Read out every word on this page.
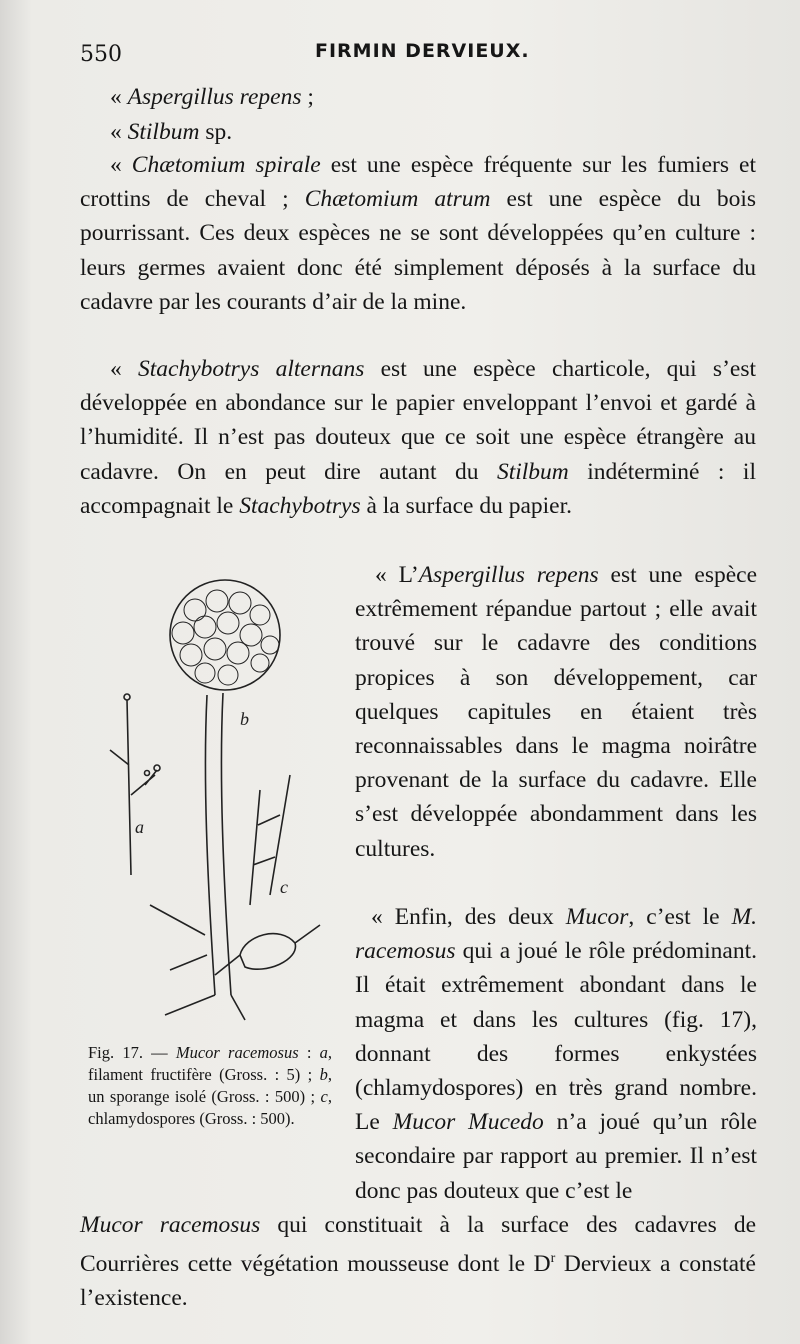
550	FIRMIN DERVIEUX.

« Aspergillus repens ;

« Stilbum sp.

« Chætomium spirale est une espèce fréquente sur les fumiers et crottins de cheval ; Chætomium atrum est une espèce du bois pourrissant. Ces deux espèces ne se sont développées qu’en culture : leurs germes avaient donc été simplement déposés à la surface du cadavre par les courants d’air de la mine.

« Stachybotrys alternans est une espèce charticole, qui s’est développée en abondance sur le papier enveloppant l’envoi et gardé à l’humidité. Il n’est pas douteux que ce soit une espèce étrangère au cadavre. On en peut dire autant du Stilbum indéterminé : il accompagnait le Stachybotrys à la surface du papier.

« L’Aspergillus repens est une espèce extrêmement répandue partout ; elle avait trouvé sur le cadavre des conditions propices à son développement, car quelques capitules en étaient très reconnaissables dans le magma noirâtre provenant de la surface du cadavre. Elle s’est développée abondamment dans les cultures.

« Enfin, des deux Mucor, c’est le M. racemosus qui a joué le rôle prédominant. Il était extrêmement abondant dans le magma et dans les cultures (fig. 17), donnant des formes enkystées (chlamydospores) en très grand nombre. Le Mucor Mucedo n’a joué qu’un rôle secondaire par rapport au premier. Il n’est donc pas douteux que c’est le

Mucor racemosus qui constituait à la surface des cadavres de Courrières cette végétation mousseuse dont le $D^r$ Dervieux a constaté l’existence.

b
a
c
Fig. 17. — Mucor racemosus : a, filament fructifère (Gross. : 5) ; b, un sporange isolé (Gross. : 500) ; c, chlamydospores (Gross. : 500).
